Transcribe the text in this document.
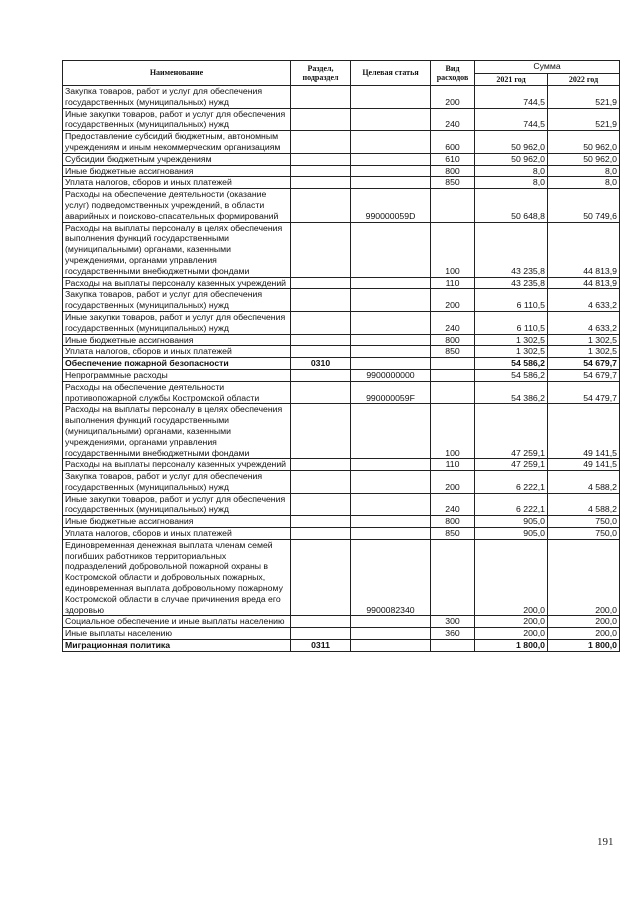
Наименование	Раздел, подраздел	Целевая статья	Вид расходов	Сумма	
				2021 год	2022 год
Закупка товаров, работ и услуг для обеспечения государственных (муниципальных) нужд			200	744,5	521,9
Иные закупки товаров, работ и услуг для обеспечения государственных (муниципальных) нужд			240	744,5	521,9
Предоставление субсидий бюджетным, автономным учреждениям и иным некоммерческим организациям			600	50 962,0	50 962,0
Субсидии бюджетным учреждениям			610	50 962,0	50 962,0
Иные бюджетные ассигнования			800	8,0	8,0
Уплата налогов, сборов и иных платежей			850	8,0	8,0
Расходы на обеспечение деятельности (оказание услуг) подведомственных учреждений, в области аварийных и поисково-спасательных формирований		990000059D		50 648,8	50 749,6
Расходы на выплаты персоналу в целях обеспечения выполнения функций государственными (муниципальными) органами, казенными учреждениями, органами управления государственными внебюджетными фондами			100	43 235,8	44 813,9
Расходы на выплаты персоналу казенных учреждений			110	43 235,8	44 813,9
Закупка товаров, работ и услуг для обеспечения государственных (муниципальных) нужд			200	6 110,5	4 633,2
Иные закупки товаров, работ и услуг для обеспечения государственных (муниципальных) нужд			240	6 110,5	4 633,2
Иные бюджетные ассигнования			800	1 302,5	1 302,5
Уплата налогов, сборов и иных платежей			850	1 302,5	1 302,5
Обеспечение пожарной безопасности	0310			54 586,2	54 679,7
Непрограммные расходы		9900000000		54 586,2	54 679,7
Расходы на обеспечение деятельности противопожарной службы Костромской области		990000059F		54 386,2	54 479,7
Расходы на выплаты персоналу в целях обеспечения выполнения функций государственными (муниципальными) органами, казенными учреждениями, органами управления государственными внебюджетными фондами			100	47 259,1	49 141,5
Расходы на выплаты персоналу казенных учреждений			110	47 259,1	49 141,5
Закупка товаров, работ и услуг для обеспечения государственных (муниципальных) нужд			200	6 222,1	4 588,2
Иные закупки товаров, работ и услуг для обеспечения государственных (муниципальных) нужд			240	6 222,1	4 588,2
Иные бюджетные ассигнования			800	905,0	750,0
Уплата налогов, сборов и иных платежей			850	905,0	750,0
Единовременная денежная выплата членам семей погибших работников территориальных подразделений добровольной пожарной охраны в Костромской области и добровольных пожарных, единовременная выплата добровольному пожарному Костромской области в случае причинения вреда его здоровью		9900082340		200,0	200,0
Социальное обеспечение и иные выплаты населению			300	200,0	200,0
Иные выплаты населению			360	200,0	200,0
Миграционная политика	0311			1 800,0	1 800,0
191
